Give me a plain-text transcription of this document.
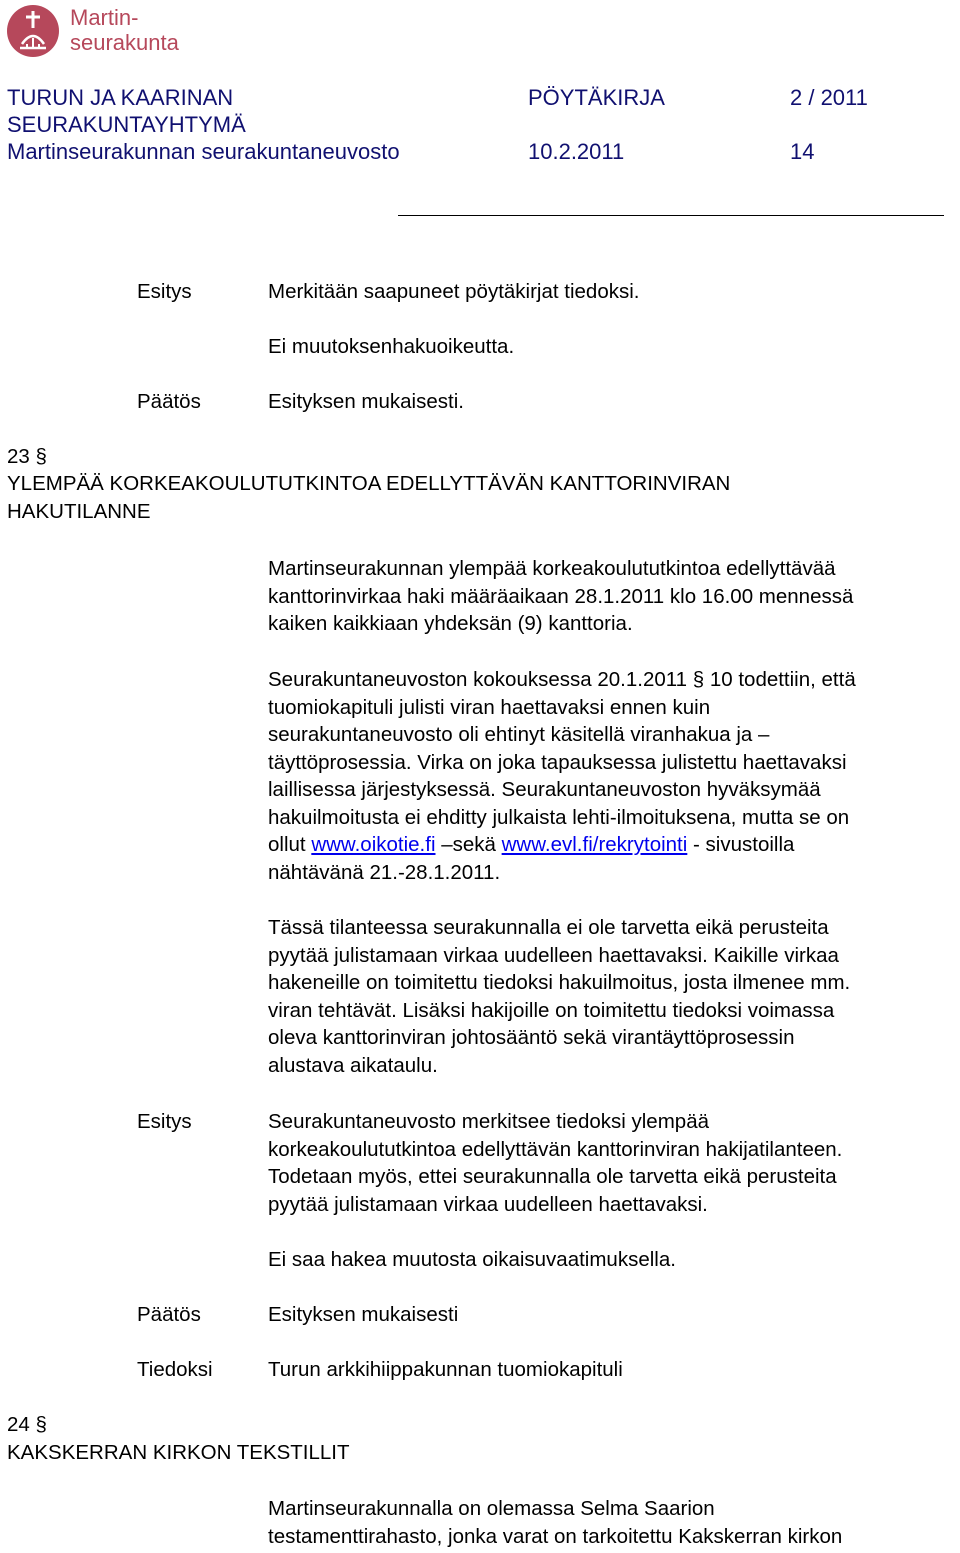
Martin-
seurakunta
TURUN JA KAARINAN	PÖYTÄKIRJA	2 / 2011
SEURAKUNTAYHTYMÄ
Martinseurakunnan seurakuntaneuvosto	10.2.2011	14
Esitys	Merkitään saapuneet pöytäkirjat tiedoksi.
Ei muutoksenhakuoikeutta.
Päätös	Esityksen mukaisesti.
23 §
YLEMPÄÄ KORKEAKOULUTUTKINTOA EDELLYTTÄVÄN KANTTORINVIRAN
HAKUTILANNE
Martinseurakunnan ylempää korkeakoulututkintoa edellyttävää
kanttorinvirkaa haki määräaikaan 28.1.2011 klo 16.00 mennessä
kaiken kaikkiaan yhdeksän (9) kanttoria.
Seurakuntaneuvoston kokouksessa 20.1.2011 § 10 todettiin, että
tuomiokapituli julisti viran haettavaksi ennen kuin
seurakuntaneuvosto oli ehtinyt käsitellä viranhakua ja –
täyttöprosessia. Virka on joka tapauksessa julistettu haettavaksi
laillisessa järjestyksessä. Seurakuntaneuvoston hyväksymää
hakuilmoitusta ei ehditty julkaista lehti-ilmoituksena, mutta se on
ollut www.oikotie.fi –sekä www.evl.fi/rekrytointi - sivustoilla
nähtävänä 21.-28.1.2011.
Tässä tilanteessa seurakunnalla ei ole tarvetta eikä perusteita
pyytää julistamaan virkaa uudelleen haettavaksi. Kaikille virkaa
hakeneille on toimitettu tiedoksi hakuilmoitus, josta ilmenee mm.
viran tehtävät. Lisäksi hakijoille on toimitettu tiedoksi voimassa
oleva kanttorinviran johtosääntö sekä virantäyttöprosessin
alustava aikataulu.
Esitys	Seurakuntaneuvosto merkitsee tiedoksi ylempää
korkeakoulututkintoa edellyttävän kanttorinviran hakijatilanteen.
Todetaan myös, ettei seurakunnalla ole tarvetta eikä perusteita
pyytää julistamaan virkaa uudelleen haettavaksi.
Ei saa hakea muutosta oikaisuvaatimuksella.
Päätös	Esityksen mukaisesti
Tiedoksi	Turun arkkihiippakunnan tuomiokapituli
24 §
KAKSKERRAN KIRKON TEKSTILLIT
Martinseurakunnalla on olemassa Selma Saarion
testamenttirahasto, jonka varat on tarkoitettu Kakskerran kirkon
